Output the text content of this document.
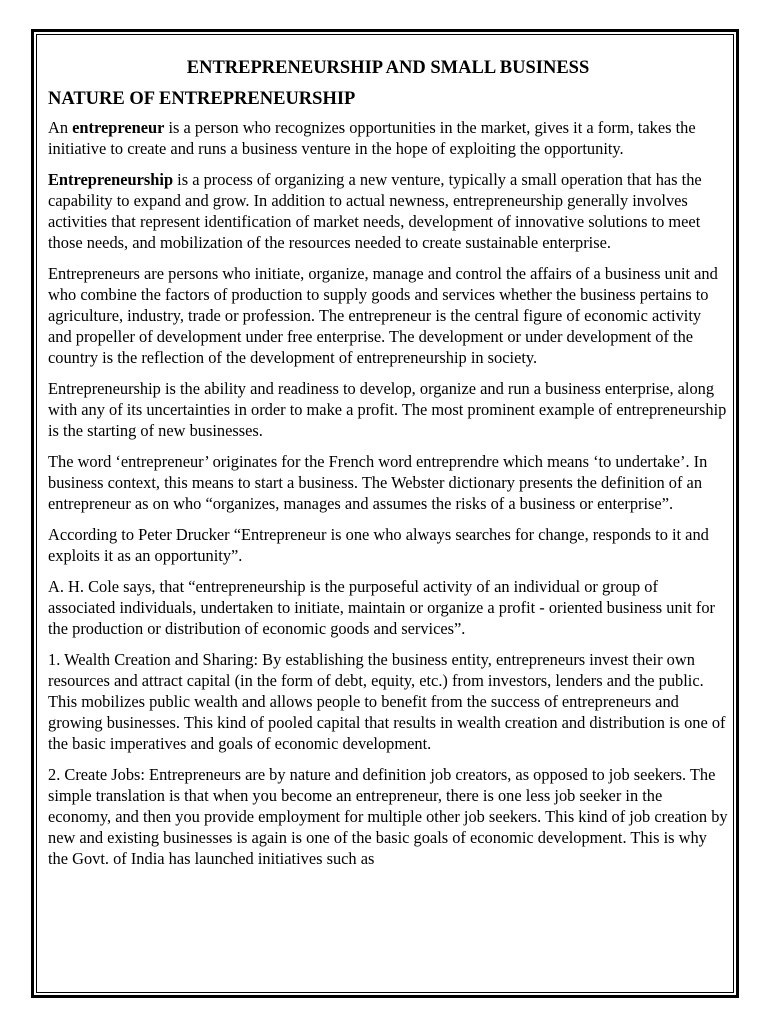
ENTREPRENEURSHIP AND SMALL BUSINESS
NATURE OF ENTREPRENEURSHIP

An entrepreneur is a person who recognizes opportunities in the market, gives it a form, takes the initiative to create and runs a business venture in the hope of exploiting the opportunity.

Entrepreneurship is a process of organizing a new venture, typically a small operation that has the capability to expand and grow. In addition to actual newness, entrepreneurship generally involves activities that represent identification of market needs, development of innovative solutions to meet those needs, and mobilization of the resources needed to create sustainable enterprise.

Entrepreneurs are persons who initiate, organize, manage and control the affairs of a business unit and who combine the factors of production to supply goods and services whether the business pertains to agriculture, industry, trade or profession. The entrepreneur is the central figure of economic activity and propeller of development under free enterprise. The development or under development of the country is the reflection of the development of entrepreneurship in society.

Entrepreneurship is the ability and readiness to develop, organize and run a business enterprise, along with any of its uncertainties in order to make a profit. The most prominent example of entrepreneurship is the starting of new businesses.

The word ‘entrepreneur’ originates for the French word entreprendre which means ‘to undertake’. In business context, this means to start a business. The Webster dictionary presents the definition of an entrepreneur as on who “organizes, manages and assumes the risks of a business or enterprise”.

According to Peter Drucker “Entrepreneur is one who always searches for change, responds to it and exploits it as an opportunity”.

A. H. Cole says, that “entrepreneurship is the purposeful activity of an individual or group of associated individuals, undertaken to initiate, maintain or organize a profit - oriented business unit for the production or distribution of economic goods and services”.

1. Wealth Creation and Sharing: By establishing the business entity, entrepreneurs invest their own resources and attract capital (in the form of debt, equity, etc.) from investors, lenders and the public. This mobilizes public wealth and allows people to benefit from the success of entrepreneurs and growing businesses. This kind of pooled capital that results in wealth creation and distribution is one of the basic imperatives and goals of economic development.

2. Create Jobs: Entrepreneurs are by nature and definition job creators, as opposed to job seekers. The simple translation is that when you become an entrepreneur, there is one less job seeker in the economy, and then you provide employment for multiple other job seekers. This kind of job creation by new and existing businesses is again is one of the basic goals of economic development. This is why the Govt. of India has launched initiatives such as
